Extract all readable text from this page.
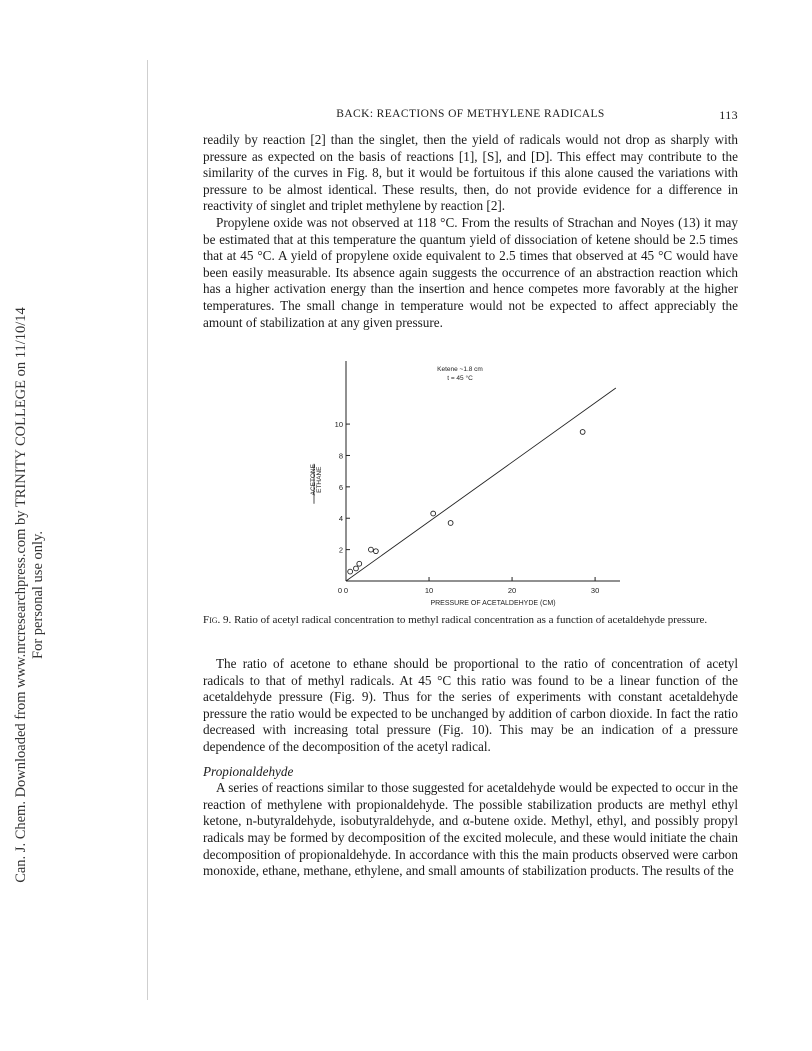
Can. J. Chem. Downloaded from www.nrcresearchpress.com by TRINITY COLLEGE on 11/10/14 For personal use only.
BACK: REACTIONS OF METHYLENE RADICALS	113

readily by reaction [2] than the singlet, then the yield of radicals would not drop as sharply with pressure as expected on the basis of reactions [1], [S], and [D]. This effect may contribute to the similarity of the curves in Fig. 8, but it would be fortuitous if this alone caused the variations with pressure to be almost identical. These results, then, do not provide evidence for a difference in reactivity of singlet and triplet methylene by reaction [2].

Propylene oxide was not observed at 118 °C. From the results of Strachan and Noyes (13) it may be estimated that at this temperature the quantum yield of dissociation of ketene should be 2.5 times that at 45 °C. A yield of propylene oxide equivalent to 2.5 times that observed at 45 °C would have been easily measurable. Its absence again suggests the occurrence of an abstraction reaction which has a higher activation energy than the insertion and hence competes more favorably at the higher temperatures. The small change in temperature would not be expected to affect appreciably the amount of stabilization at any given pressure.

0	10	20	30
2
4
6
8
10
0
ACETONE ETHANE
PRESSURE OF ACETALDEHYDE (CM)
Ketene ~1.8 cm
t = 45 °C
Fig. 9. Ratio of acetyl radical concentration to methyl radical concentration as a function of acetaldehyde pressure.

The ratio of acetone to ethane should be proportional to the ratio of concentration of acetyl radicals to that of methyl radicals. At 45 °C this ratio was found to be a linear function of the acetaldehyde pressure (Fig. 9). Thus for the series of experiments with constant acetaldehyde pressure the ratio would be expected to be unchanged by addition of carbon dioxide. In fact the ratio decreased with increasing total pressure (Fig. 10). This may be an indication of a pressure dependence of the decomposition of the acetyl radical.

Propionaldehyde

A series of reactions similar to those suggested for acetaldehyde would be expected to occur in the reaction of methylene with propionaldehyde. The possible stabilization products are methyl ethyl ketone, n-butyraldehyde, isobutyraldehyde, and α-butene oxide. Methyl, ethyl, and possibly propyl radicals may be formed by decomposition of the excited molecule, and these would initiate the chain decomposition of propionaldehyde. In accordance with this the main products observed were carbon monoxide, ethane, methane, ethylene, and small amounts of stabilization products. The results of the
